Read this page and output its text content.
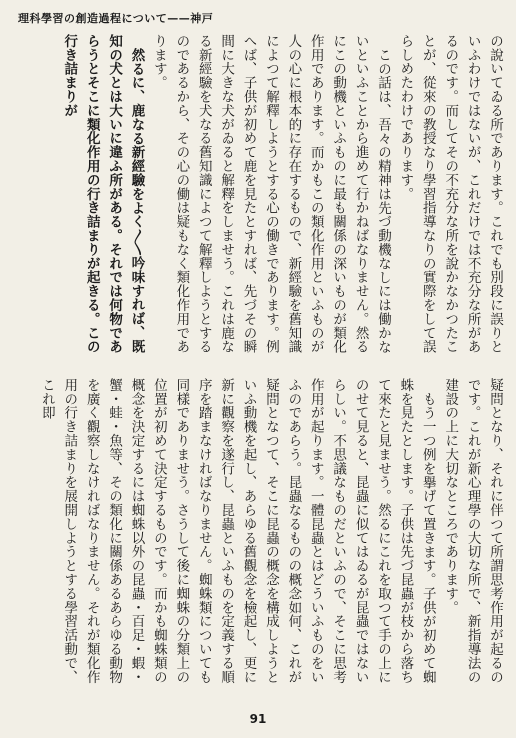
理科學習の創造過程について——神戸

の說いてゐる所であります。これでも別段に誤りといふわけではないが、これだけでは不充分な所があるのです。而してその不充分な所を說かなかつたことが、從來の教授なり學習指導なりの實際をして誤らしめたわけであります。

この話は、吾々の精神は先づ動機なしには働かないといふことから進めて行かねばなりません。然るにこの動機といふものに最も關係の深いものが類化作用であります。而かもこの類化作用といふものが人の心に根本的に存在するもので、新經驗を舊知識によつて解釋しようとする心の働きであります。例へば、子供が初めて鹿を見たとすれば、先づその瞬間に大きな犬がゐると解釋をしませう。これは鹿なる新經驗を犬なる舊知識によつて解釋しようとするのであるから、その心の働は疑もなく類化作用であります。

然るに、鹿なる新經驗をよく〳〵吟味すれば、既知の犬とは大いに違ふ所がある。それでは何物であらうとそこに類化作用の行き詰まりが起きる。この行き詰まりが

疑問となり、それに伴つて所謂思考作用が起るのです。これが新心理學の大切な所で、新指導法の建設の上に大切なところであります。

もう一つ例を擧げて置きます。子供が初めて蜘蛛を見たとします。子供は先づ昆蟲が枝から落ちて來たと見ませう。然るにこれを取つて手の上にのせて見ると、昆蟲に似てはゐるが昆蟲ではないらしい。不思議なものだといふので、そこに思考作用が起ります。一體昆蟲とはどういふものをいふのであらう。昆蟲なるものの概念如何、これが疑問となつて、そこに昆蟲の概念を構成しようといふ動機を起し、あらゆる舊觀念を檢起し、更に新に觀察を遂行し、昆蟲といふものを定義する順序を踏まなければなりません。蜘蛛類についても同樣でありませう。さうして後に蜘蛛の分類上の位置が初めて決定するものです。而かも蜘蛛類の概念を決定するには蜘蛛以外の昆蟲・百足・蝦・蟹・蛙・魚等、その類化に關係あるあらゆる動物を廣く觀察しなければなりません。それが類化作用の行き詰まりを展開しようとする學習活動で、これ即

91
